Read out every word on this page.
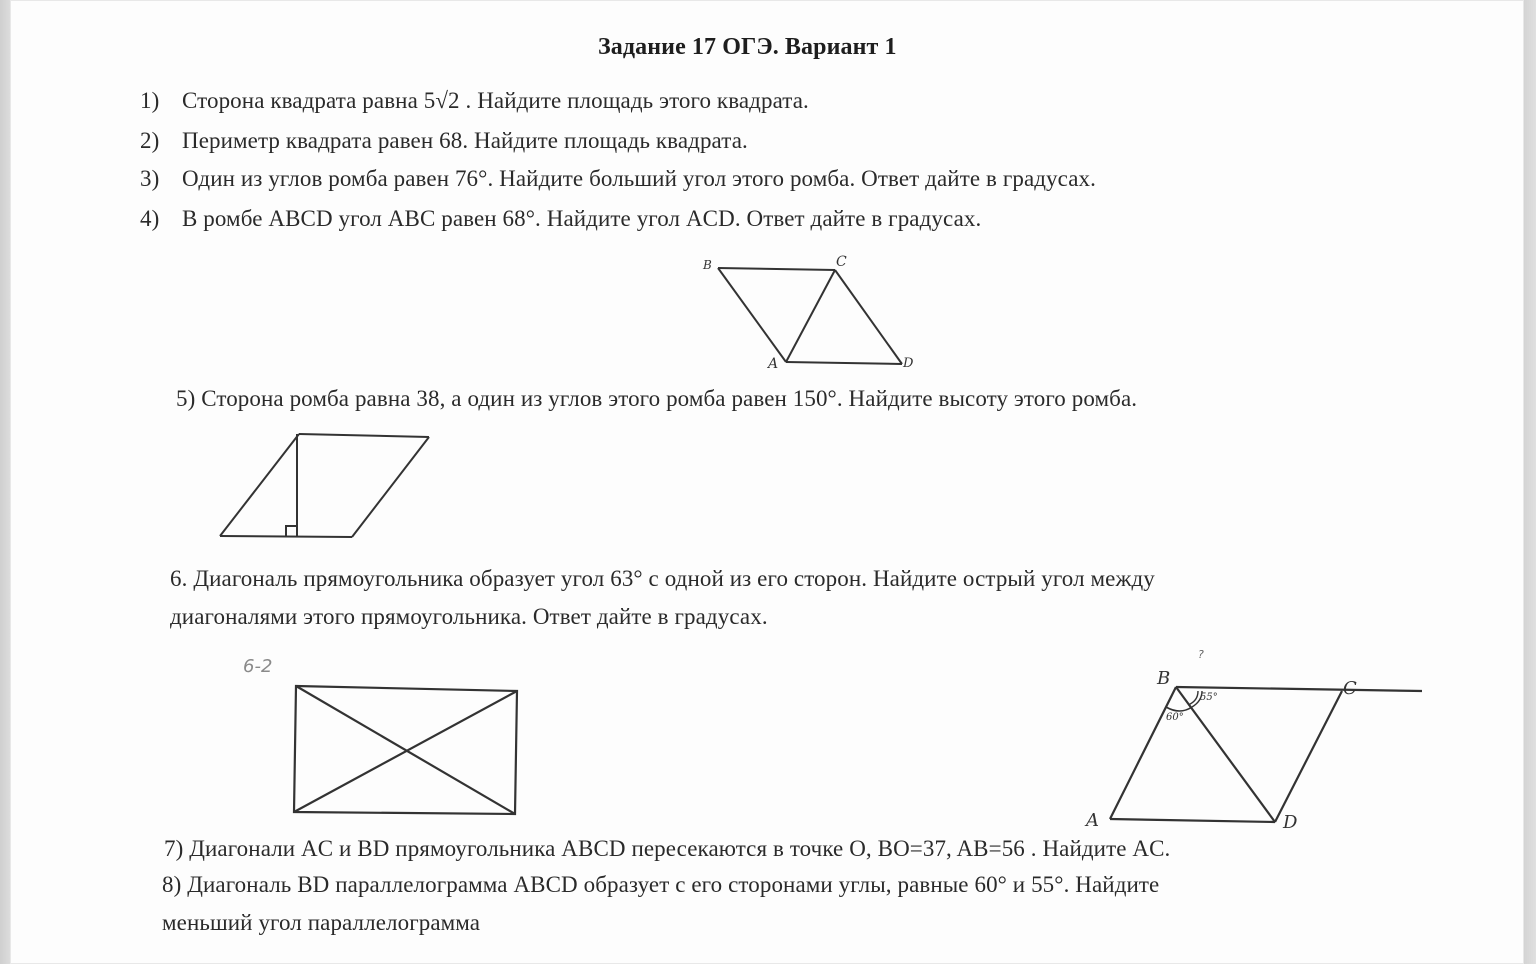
Задание 17 ОГЭ. Вариант 1
1) Сторона квадрата равна 5√2 . Найдите площадь этого квадрата.
2) Периметр квадрата равен 68. Найдите площадь квадрата.
3) Один из углов ромба равен 76°. Найдите больший угол этого ромба. Ответ дайте в градусах.
4) В ромбе ABCD угол ABC равен 68°. Найдите угол ACD. Ответ дайте в градусах.
B	C
A	D
5) Сторона ромба равна 38, а один из углов этого ромба равен 150°. Найдите высоту этого ромба.
6. Диагональ прямоугольника образует угол 63° с одной из его сторон. Найдите острый угол между
диагоналями этого прямоугольника. Ответ дайте в градусах.
6-2
B	C
A	D
55°
60°
?
7) Диагонали AC и BD прямоугольника ABCD пересекаются в точке O, BO=37, AB=56 . Найдите AC.
8) Диагональ BD параллелограмма ABCD образует с его сторонами углы, равные 60° и 55°. Найдите
меньший угол параллелограмма
